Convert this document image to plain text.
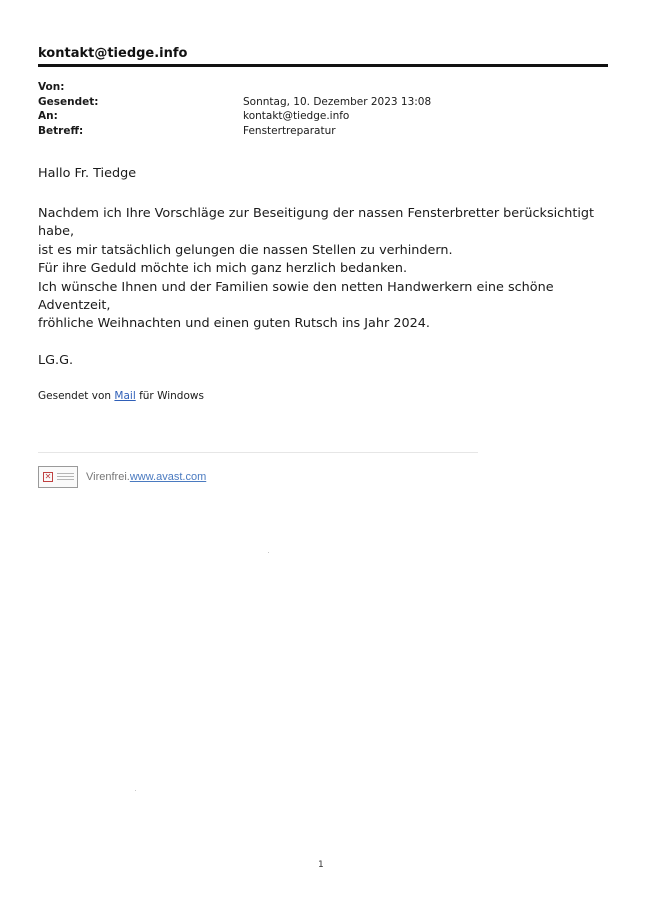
kontakt@tiedge.info
Von:
Gesendet:	Sonntag, 10. Dezember 2023 13:08
An:	kontakt@tiedge.info
Betreff:	Fenstertreparatur
Hallo Fr. Tiedge
Nachdem ich Ihre Vorschläge zur Beseitigung der nassen Fensterbretter berücksichtigt
habe,
ist es mir tatsächlich gelungen die nassen Stellen zu verhindern.
Für ihre Geduld möchte ich mich ganz herzlich bedanken.
Ich wünsche Ihnen und der Familien sowie den netten Handwerkern eine schöne
Adventzeit,
fröhliche Weihnachten und einen guten Rutsch ins Jahr 2024.
LG.G.
Gesendet von Mail für Windows
✕	Virenfrei.www.avast.com
1
